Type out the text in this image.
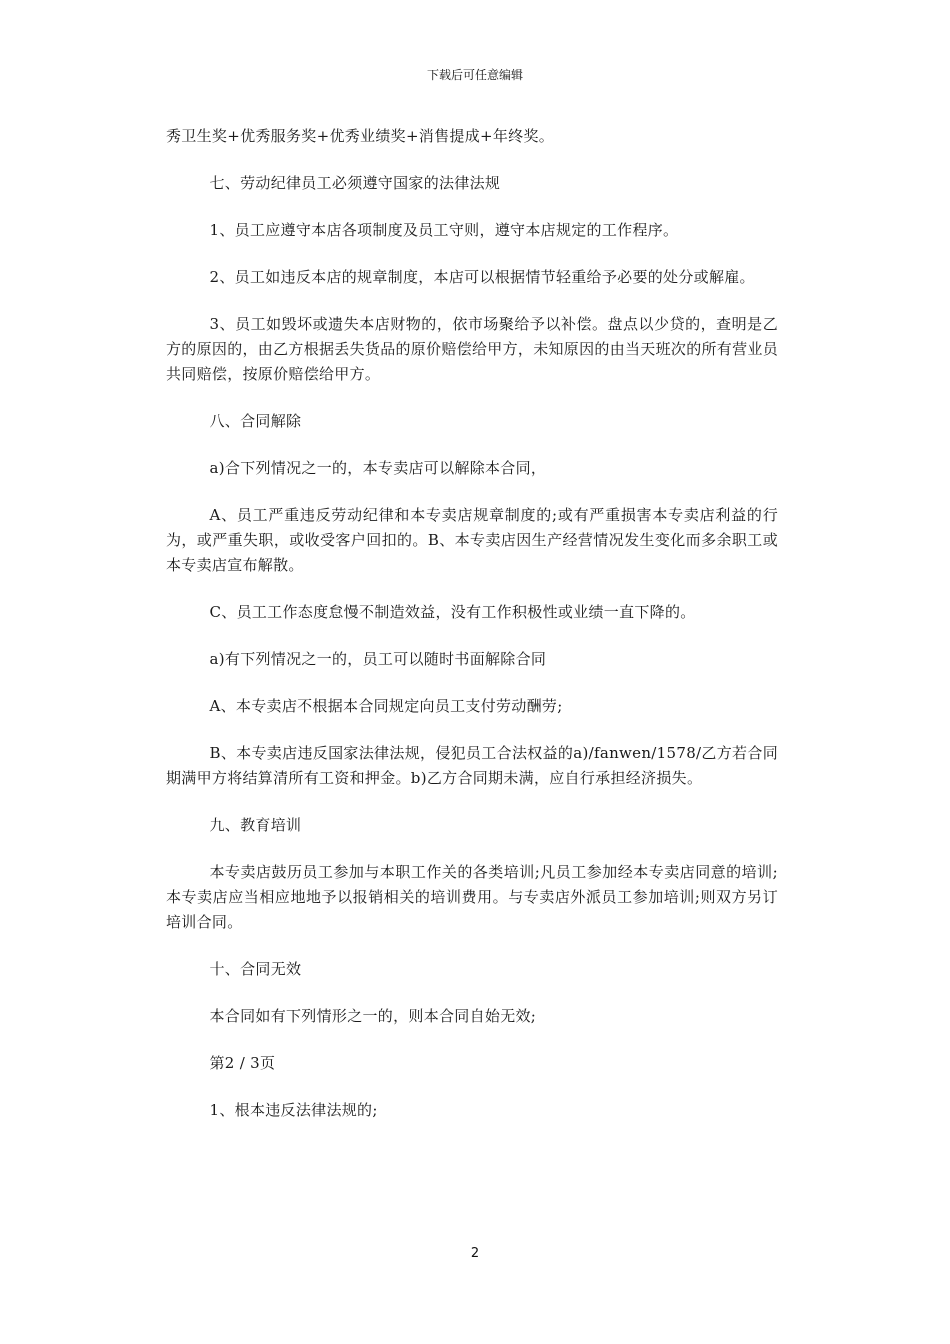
下载后可任意编辑

秀卫生奖+优秀服务奖+优秀业绩奖+消售提成+年终奖。

七、劳动纪律员工必须遵守国家的法律法规

1、员工应遵守本店各项制度及员工守则，遵守本店规定的工作程序。

2、员工如违反本店的规章制度，本店可以根据情节轻重给予必要的处分或解雇。

3、员工如毁坏或遗失本店财物的，依市场聚给予以补偿。盘点以少贷的，查明是乙方的原因的，由乙方根据丢失货品的原价赔偿给甲方，未知原因的由当天班次的所有营业员共同赔偿，按原价赔偿给甲方。

八、合同解除

a)合下列情况之一的，本专卖店可以解除本合同，

A、员工严重违反劳动纪律和本专卖店规章制度的;或有严重损害本专卖店利益的行为，或严重失职，或收受客户回扣的。B、本专卖店因生产经营情况发生变化而多余职工或本专卖店宣布解散。

C、员工工作态度怠慢不制造效益，没有工作积极性或业绩一直下降的。

a)有下列情况之一的，员工可以随时书面解除合同

A、本专卖店不根据本合同规定向员工支付劳动酬劳;

B、本专卖店违反国家法律法规，侵犯员工合法权益的a)/fanwen/1578/乙方若合同期满甲方将结算清所有工资和押金。b)乙方合同期未满，应自行承担经济损失。

九、教育培训

本专卖店鼓历员工参加与本职工作关的各类培训;凡员工参加经本专卖店同意的培训;本专卖店应当相应地地予以报销相关的培训费用。与专卖店外派员工参加培训;则双方另订培训合同。

十、合同无效

本合同如有下列情形之一的，则本合同自始无效;

第2 / 3页

1、根本违反法律法规的;

2
